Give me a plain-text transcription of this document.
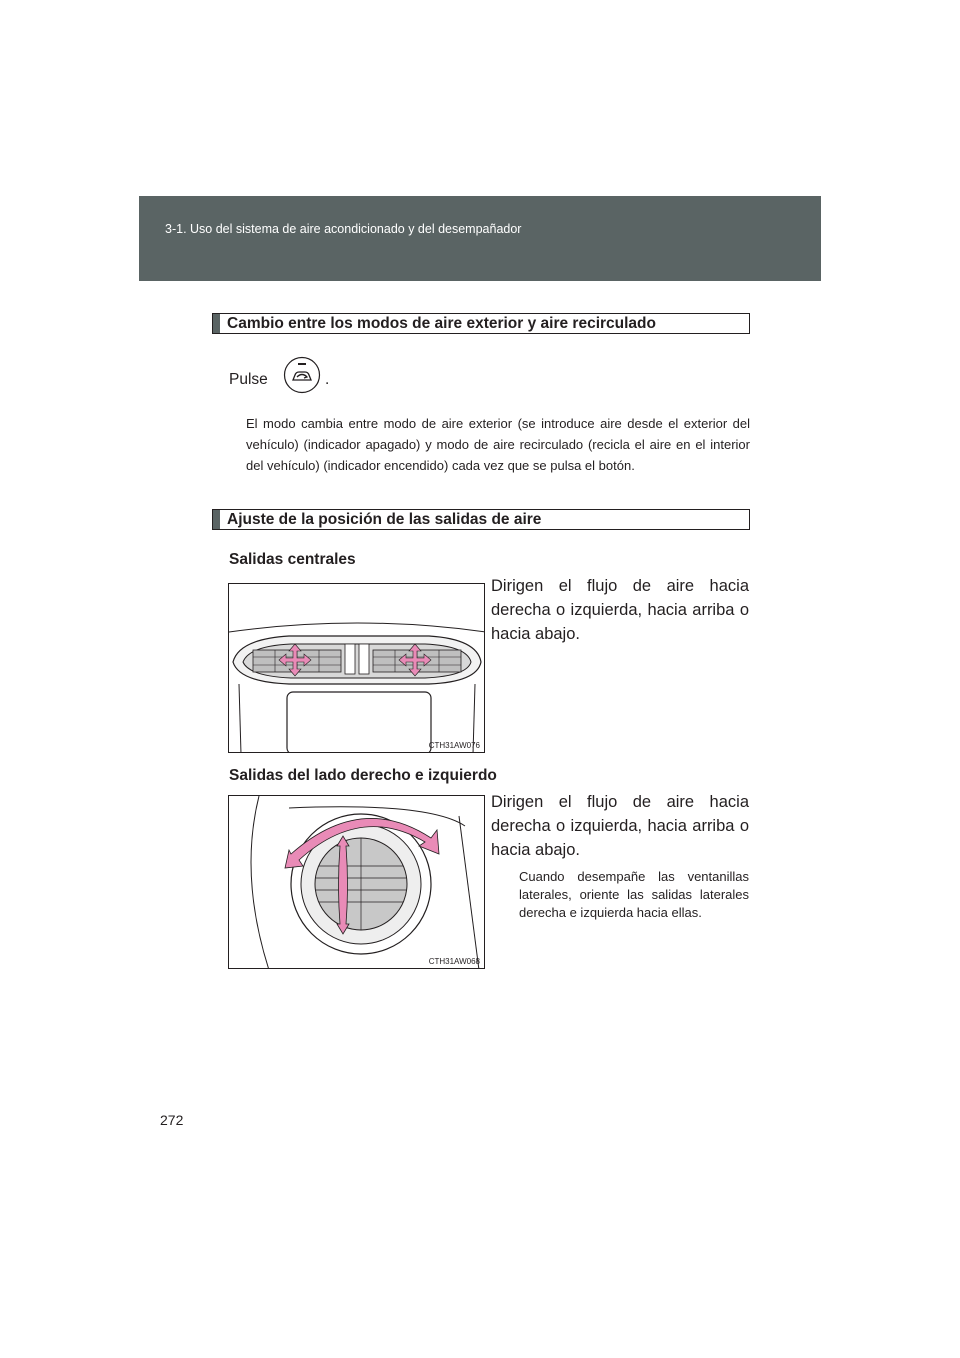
3-1. Uso del sistema de aire acondicionado y del desempañador
Cambio entre los modos de aire exterior y aire recirculado
Pulse	.
El modo cambia entre modo de aire exterior (se introduce aire desde el exterior del vehículo) (indicador apagado) y modo de aire recirculado (recicla el aire en el interior del vehículo) (indicador encendido) cada vez que se pulsa el botón.
Ajuste de la posición de las salidas de aire
Salidas centrales
Dirigen el flujo de aire hacia derecha o izquierda, hacia arriba o hacia abajo.
CTH31AW076
Salidas del lado derecho e izquierdo
Dirigen el flujo de aire hacia derecha o izquierda, hacia arriba o hacia abajo.
Cuando desempañe las ventanillas laterales, oriente las salidas laterales derecha e izquierda hacia ellas.
CTH31AW068
272
